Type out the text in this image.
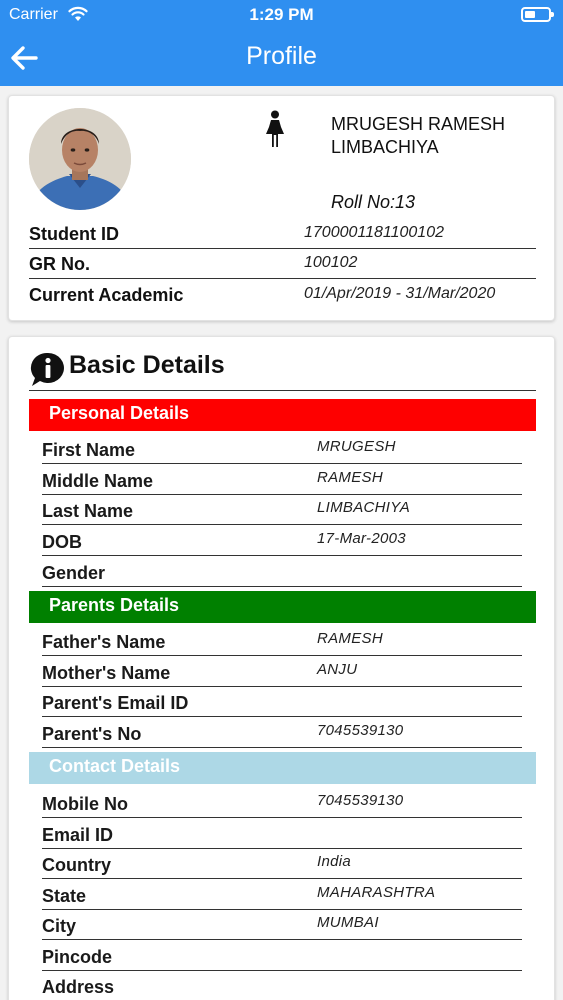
Carrier	1:29 PM
Profile
MRUGESH RAMESH LIMBACHIYA
Roll No:13
Student ID	1700001181100102
GR No.	100102
Current Academic	01/Apr/2019 - 31/Mar/2020
Basic Details
Personal Details
First Name	MRUGESH
Middle Name	RAMESH
Last Name	LIMBACHIYA
DOB	17-Mar-2003
Gender
Parents Details
Father's Name	RAMESH
Mother's Name	ANJU
Parent's Email ID
Parent's No	7045539130
Contact Details
Mobile No	7045539130
Email ID
Country	India
State	MAHARASHTRA
City	MUMBAI
Pincode
Address
